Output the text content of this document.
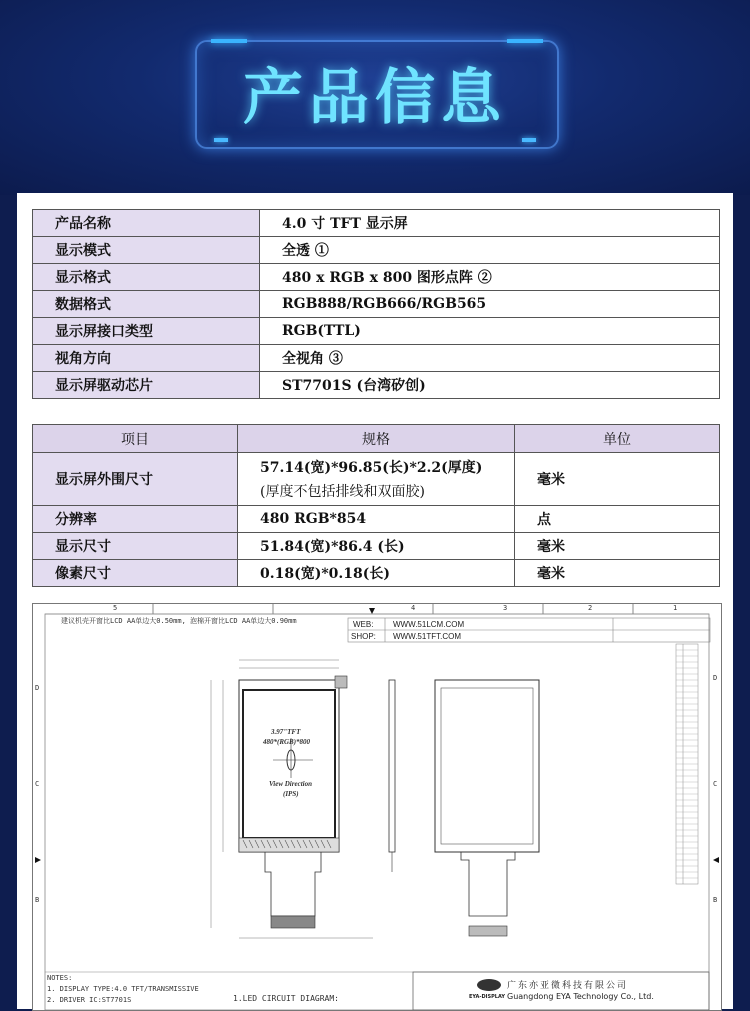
产品信息
产品名称	4.0 寸 TFT 显示屏
显示模式	全透 ①
显示格式	480 x RGB x 800 图形点阵 ②
数据格式	RGB888/RGB666/RGB565
显示屏接口类型	RGB(TTL)
视角方向	全视角 ③
显示屏驱动芯片	ST7701S (台湾矽创)
项目	规格	单位
显示屏外围尺寸	57.14(宽)*96.85(长)*2.2(厚度)
(厚度不包括排线和双面胶)	毫米
分辨率	480 RGB*854	点
显示尺寸	51.84(宽)*86.4 (长)	毫米
像素尺寸	0.18(宽)*0.18(长)	毫米
5	4	3	2	1
D
C
B
D
C
B
建议机壳开窗比LCD AA单边大0.50mm, 泡棉开窗比LCD AA单边大0.90mm	WEB: WWW.51LCM.COM
SHOP: WWW.51TFT.COM
3.97"TFT
480*(RGB)*800
View Direction
(IPS)
NOTES:
1. DISPLAY TYPE:4.0 TFT/TRANSMISSIVE
2. DRIVER IC:ST7701S	1.LED CIRCUIT DIAGRAM:	EYA-DISPLAY
广东亦亚微科技有限公司
Guangdong EYA Technology Co., Ltd.
